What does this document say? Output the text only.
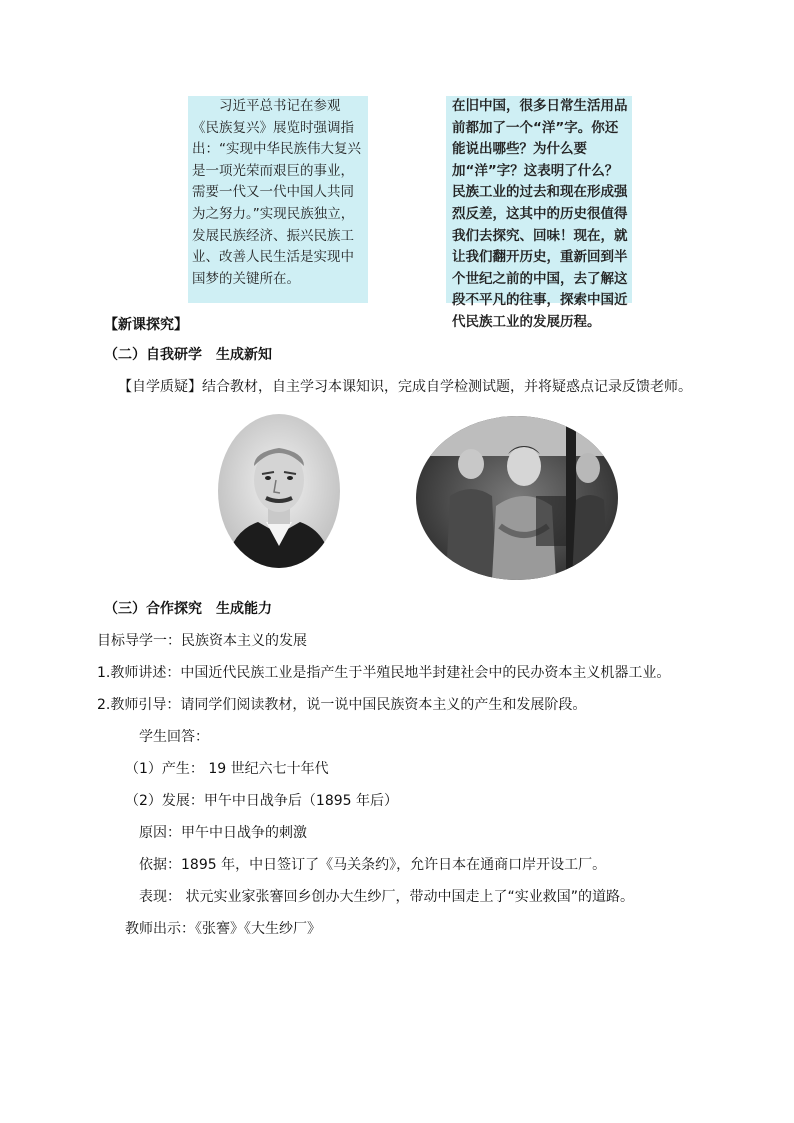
　　习近平总书记在参观《民族复兴》展览时强调指出：“实现中华民族伟大复兴是一项光荣而艰巨的事业，需要一代又一代中国人共同为之努力。”实现民族独立，发展民族经济、振兴民族工业、改善人民生活是实现中国梦的关键所在。

在旧中国，很多日常生活用品前都加了一个“洋”字。你还能说出哪些？为什么要加“洋”字？这表明了什么？民族工业的过去和现在形成强烈反差，这其中的历史很值得我们去探究、回味！现在，就让我们翻开历史，重新回到半个世纪之前的中国，去了解这段不平凡的往事，探索中国近代民族工业的发展历程。

【新课探究】
（二）自我研学　生成新知
【自学质疑】结合教材，自主学习本课知识，完成自学检测试题，并将疑惑点记录反馈老师。
（三）合作探究　生成能力
目标导学一：民族资本主义的发展
1.教师讲述：中国近代民族工业是指产生于半殖民地半封建社会中的民办资本主义机器工业。
2.教师引导：请同学们阅读教材，说一说中国民族资本主义的产生和发展阶段。
学生回答：
（1）产生： 19 世纪六七十年代
（2）发展：甲午中日战争后（1895 年后）
原因：甲午中日战争的刺激
依据：1895 年，中日签订了《马关条约》，允许日本在通商口岸开设工厂。
表现： 状元实业家张謇回乡创办大生纱厂，带动中国走上了“实业救国”的道路。
教师出示：《张謇》《大生纱厂》
